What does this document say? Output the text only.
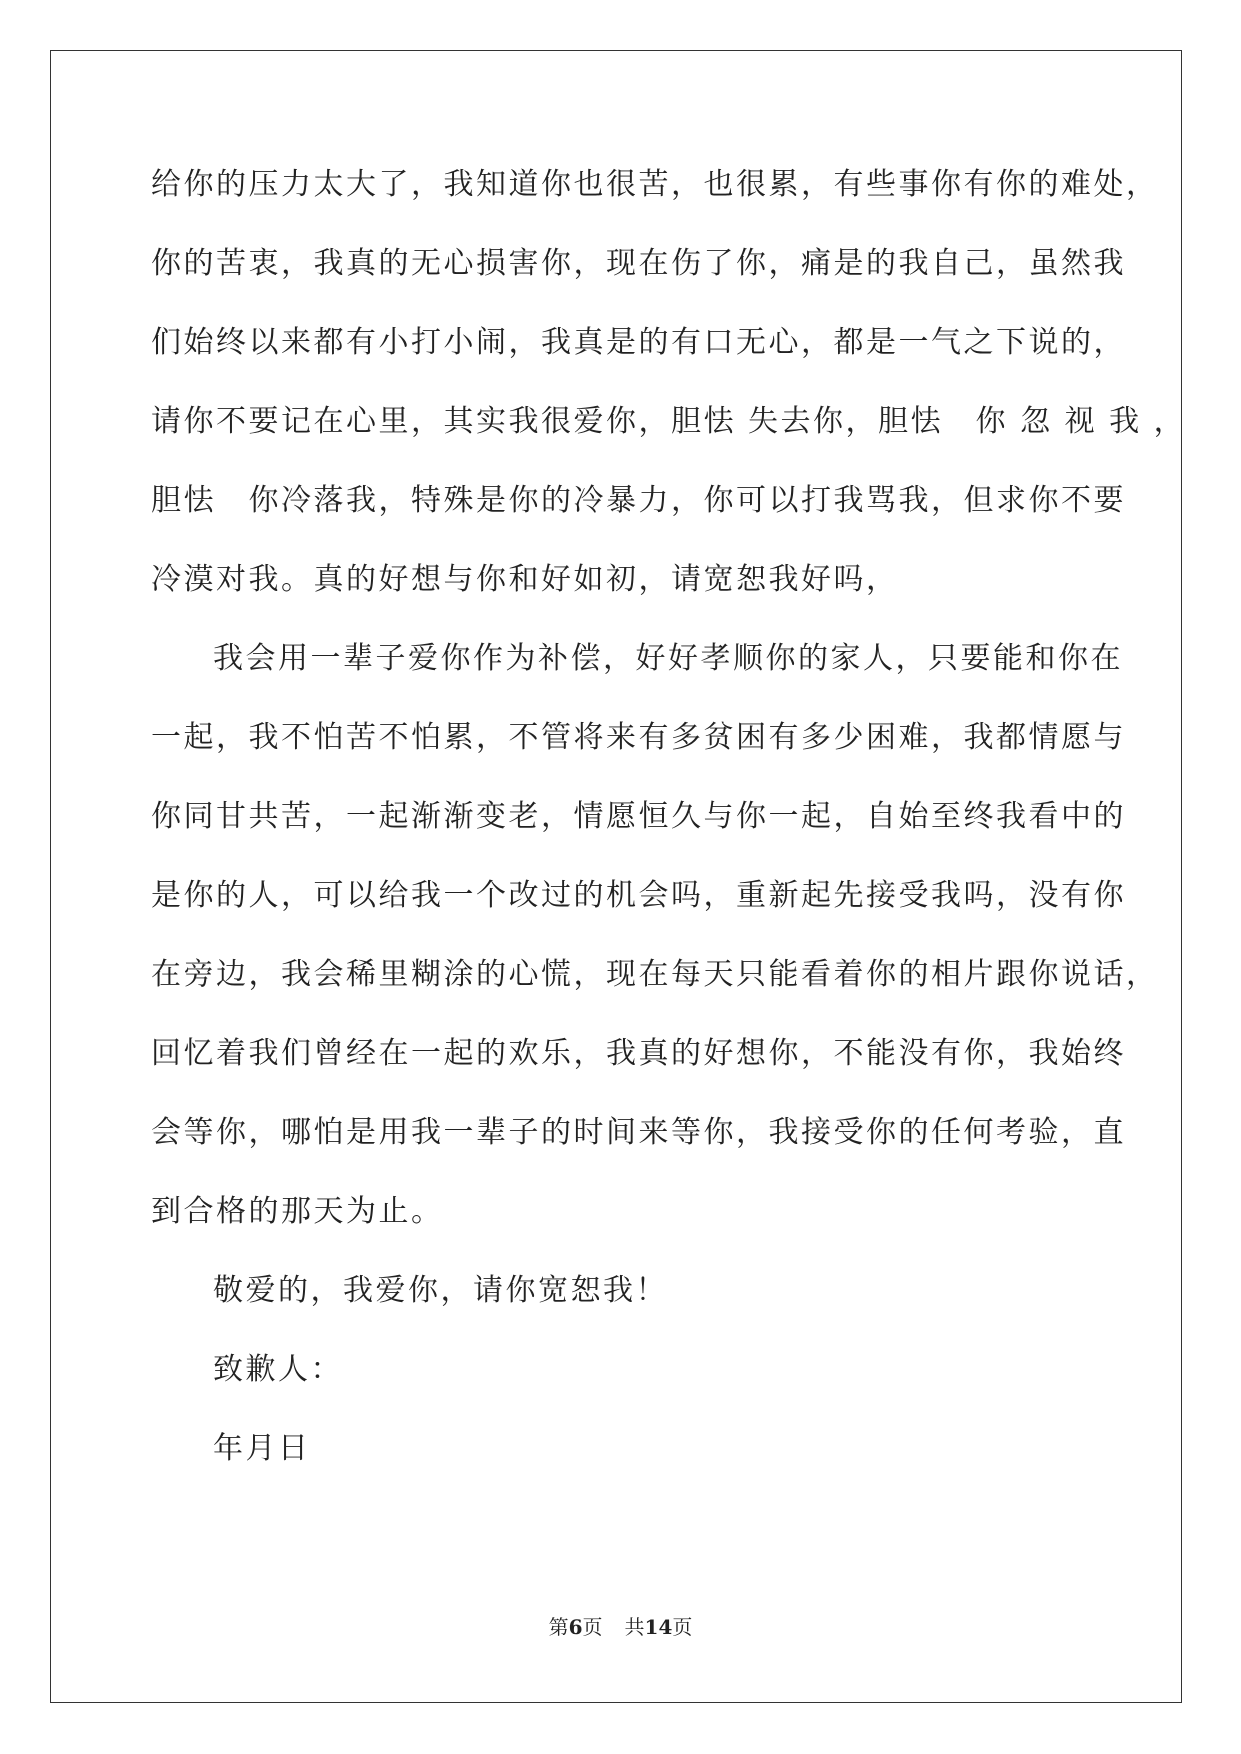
给你的压力太大了，我知道你也很苦，也很累，有些事你有你的难处，
你的苦衷，我真的无心损害你，现在伤了你，痛是的我自己，虽然我
们始终以来都有小打小闹，我真是的有口无心，都是一气之下说的，
请你不要记在心里，其实我很爱你，胆怯 失去你，胆怯　你 忽 视 我 ，
胆怯　你冷落我，特殊是你的冷暴力，你可以打我骂我，但求你不要
冷漠对我。真的好想与你和好如初，请宽恕我好吗，
我会用一辈子爱你作为补偿，好好孝顺你的家人，只要能和你在
一起，我不怕苦不怕累，不管将来有多贫困有多少困难，我都情愿与
你同甘共苦，一起渐渐变老，情愿恒久与你一起，自始至终我看中的
是你的人，可以给我一个改过的机会吗，重新起先接受我吗，没有你
在旁边，我会稀里糊涂的心慌，现在每天只能看着你的相片跟你说话，
回忆着我们曾经在一起的欢乐，我真的好想你，不能没有你，我始终
会等你，哪怕是用我一辈子的时间来等你，我接受你的任何考验，直
到合格的那天为止。
敬爱的，我爱你，请你宽恕我！
致歉人：
年月日
第6页 共14页
